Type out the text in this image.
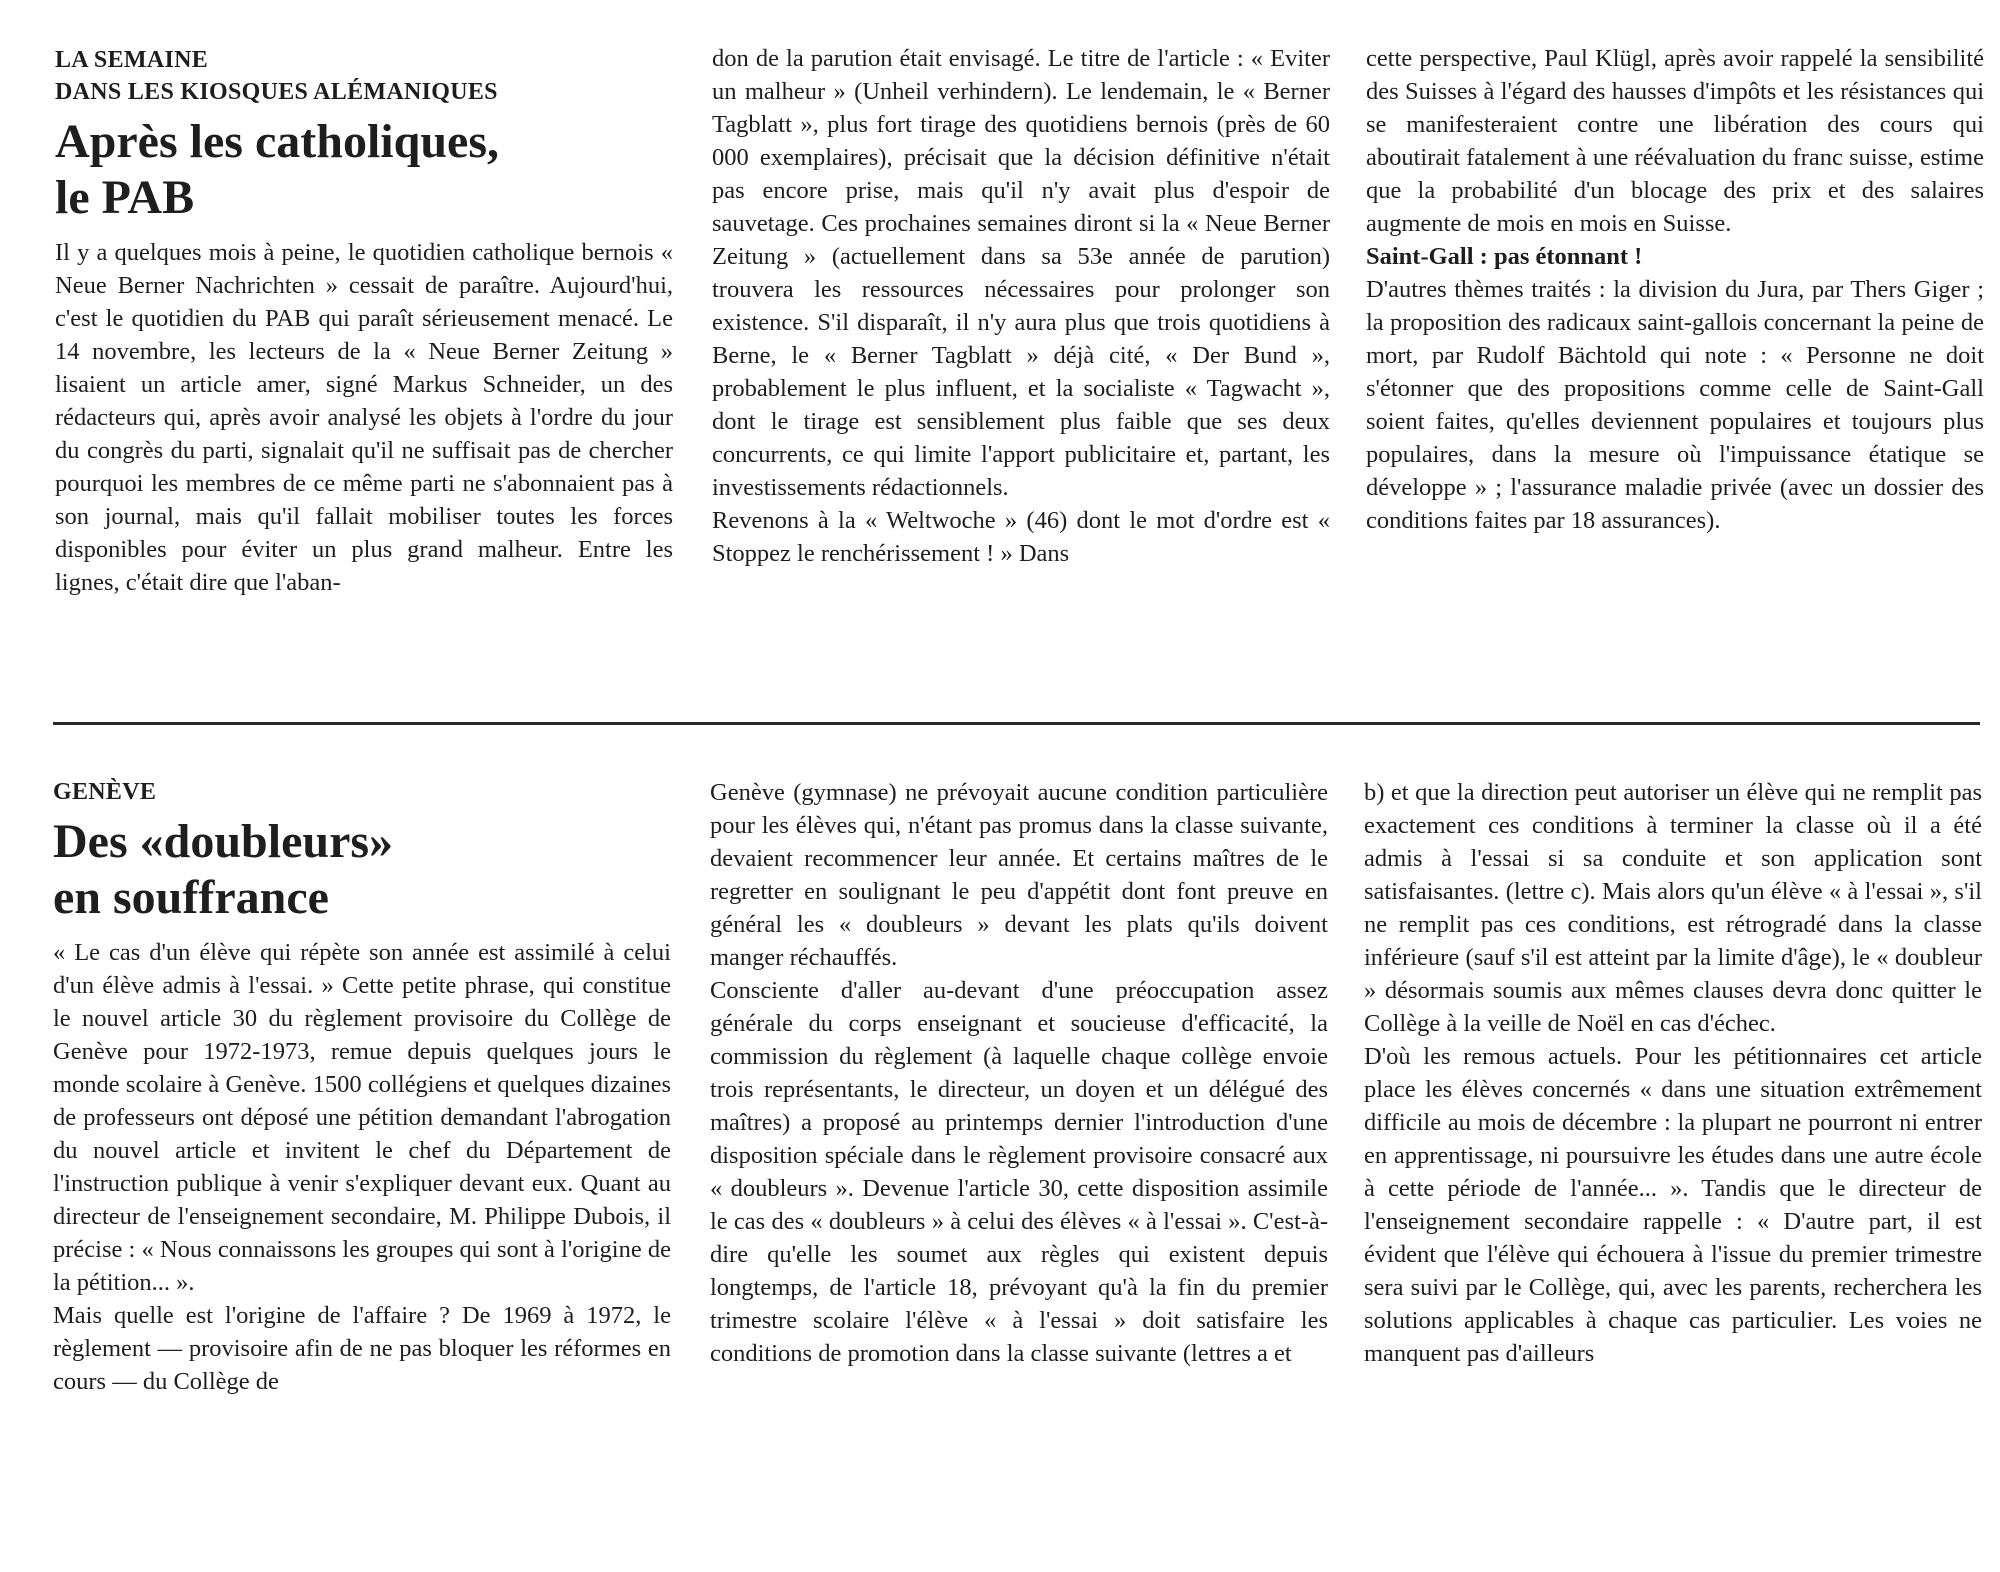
LA SEMAINE

DANS LES KIOSQUES ALÉMANIQUES

Après les catholiques,
le PAB

Il y a quelques mois à peine, le quotidien catholique bernois « Neue Berner Nachrichten » cessait de paraître. Aujourd'hui, c'est le quotidien du PAB qui paraît sérieusement menacé. Le 14 novembre, les lecteurs de la « Neue Berner Zeitung » lisaient un article amer, signé Markus Schneider, un des rédacteurs qui, après avoir analysé les objets à l'ordre du jour du congrès du parti, signalait qu'il ne suffisait pas de chercher pourquoi les membres de ce même parti ne s'abonnaient pas à son journal, mais qu'il fallait mobiliser toutes les forces disponibles pour éviter un plus grand malheur. Entre les lignes, c'était dire que l'aban-

don de la parution était envisagé. Le titre de l'article : « Eviter un malheur » (Unheil verhindern). Le lendemain, le « Berner Tagblatt », plus fort tirage des quotidiens bernois (près de 60 000 exemplaires), précisait que la décision définitive n'était pas encore prise, mais qu'il n'y avait plus d'espoir de sauvetage. Ces prochaines semaines diront si la « Neue Berner Zeitung » (actuellement dans sa 53e année de parution) trouvera les ressources nécessaires pour prolonger son existence. S'il disparaît, il n'y aura plus que trois quotidiens à Berne, le « Berner Tagblatt » déjà cité, « Der Bund », probablement le plus influent, et la socialiste « Tagwacht », dont le tirage est sensiblement plus faible que ses deux concurrents, ce qui limite l'apport publicitaire et, partant, les investissements rédactionnels.

Revenons à la « Weltwoche » (46) dont le mot d'ordre est « Stoppez le renchérissement ! » Dans

cette perspective, Paul Klügl, après avoir rappelé la sensibilité des Suisses à l'égard des hausses d'impôts et les résistances qui se manifesteraient contre une libération des cours qui aboutirait fatalement à une réévaluation du franc suisse, estime que la probabilité d'un blocage des prix et des salaires augmente de mois en mois en Suisse.

Saint-Gall : pas étonnant !

D'autres thèmes traités : la division du Jura, par Thers Giger ; la proposition des radicaux saint-gallois concernant la peine de mort, par Rudolf Bächtold qui note : « Personne ne doit s'étonner que des propositions comme celle de Saint-Gall soient faites, qu'elles deviennent populaires et toujours plus populaires, dans la mesure où l'impuissance étatique se développe » ; l'assurance maladie privée (avec un dossier des conditions faites par 18 assurances).

GENÈVE

Des «doubleurs»
en souffrance

« Le cas d'un élève qui répète son année est assimilé à celui d'un élève admis à l'essai. » Cette petite phrase, qui constitue le nouvel article 30 du règlement provisoire du Collège de Genève pour 1972-1973, remue depuis quelques jours le monde scolaire à Genève. 1500 collégiens et quelques dizaines de professeurs ont déposé une pétition demandant l'abrogation du nouvel article et invitent le chef du Département de l'instruction publique à venir s'expliquer devant eux. Quant au directeur de l'enseignement secondaire, M. Philippe Dubois, il précise : « Nous connaissons les groupes qui sont à l'origine de la pétition... ».

Mais quelle est l'origine de l'affaire ? De 1969 à 1972, le règlement — provisoire afin de ne pas bloquer les réformes en cours — du Collège de

Genève (gymnase) ne prévoyait aucune condition particulière pour les élèves qui, n'étant pas promus dans la classe suivante, devaient recommencer leur année. Et certains maîtres de le regretter en soulignant le peu d'appétit dont font preuve en général les « doubleurs » devant les plats qu'ils doivent manger réchauffés.

Consciente d'aller au-devant d'une préoccupation assez générale du corps enseignant et soucieuse d'efficacité, la commission du règlement (à laquelle chaque collège envoie trois représentants, le directeur, un doyen et un délégué des maîtres) a proposé au printemps dernier l'introduction d'une disposition spéciale dans le règlement provisoire consacré aux « doubleurs ». Devenue l'article 30, cette disposition assimile le cas des « doubleurs » à celui des élèves « à l'essai ». C'est-à-dire qu'elle les soumet aux règles qui existent depuis longtemps, de l'article 18, prévoyant qu'à la fin du premier trimestre scolaire l'élève « à l'essai » doit satisfaire les conditions de promotion dans la classe suivante (lettres a et

b) et que la direction peut autoriser un élève qui ne remplit pas exactement ces conditions à terminer la classe où il a été admis à l'essai si sa conduite et son application sont satisfaisantes. (lettre c). Mais alors qu'un élève « à l'essai », s'il ne remplit pas ces conditions, est rétrogradé dans la classe inférieure (sauf s'il est atteint par la limite d'âge), le « doubleur » désormais soumis aux mêmes clauses devra donc quitter le Collège à la veille de Noël en cas d'échec.

D'où les remous actuels. Pour les pétitionnaires cet article place les élèves concernés « dans une situation extrêmement difficile au mois de décembre : la plupart ne pourront ni entrer en apprentissage, ni poursuivre les études dans une autre école à cette période de l'année... ». Tandis que le directeur de l'enseignement secondaire rappelle : « D'autre part, il est évident que l'élève qui échouera à l'issue du premier trimestre sera suivi par le Collège, qui, avec les parents, recherchera les solutions applicables à chaque cas particulier. Les voies ne manquent pas d'ailleurs
